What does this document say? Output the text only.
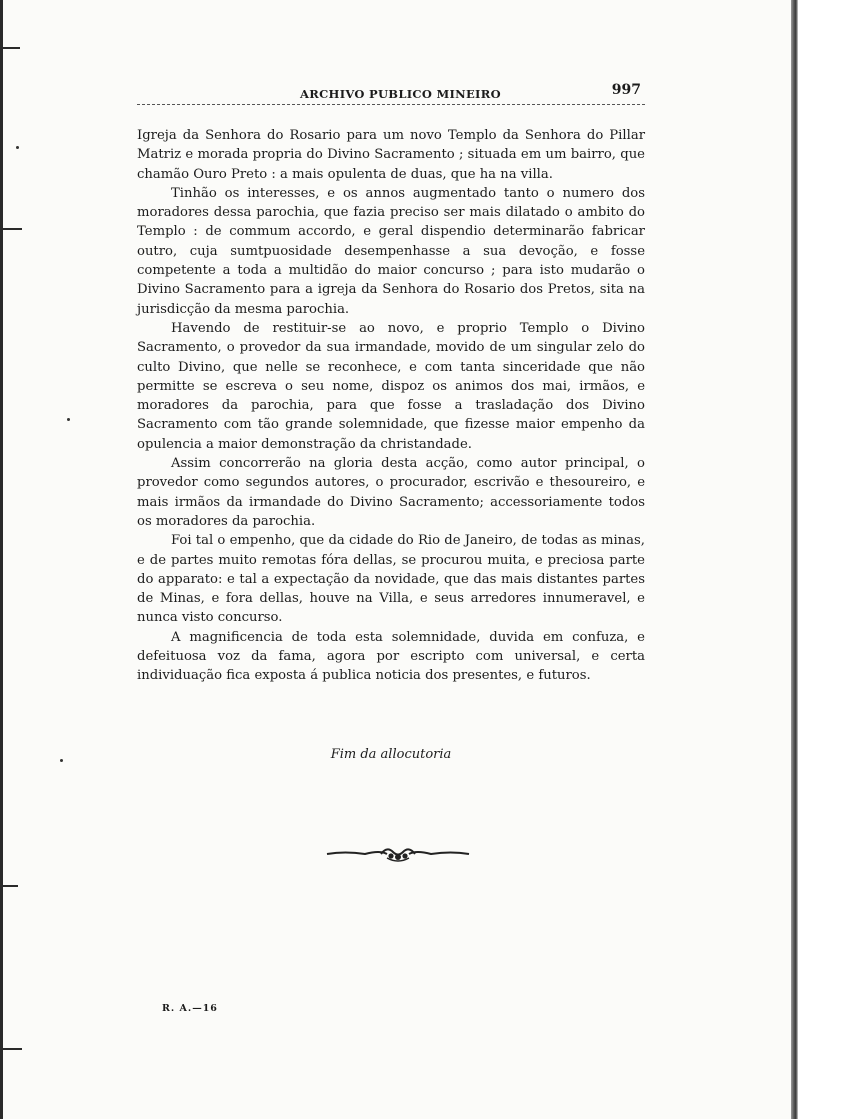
ARCHIVO PUBLICO MINEIRO	997

Igreja da Senhora do Rosario para um novo Templo da Senhora do Pillar Matriz e morada propria do Divino Sacramento ; situada em um bairro, que chamão Ouro Preto : a mais opulenta de duas, que ha na villa.

Tinhão os interesses, e os annos augmentado tanto o numero dos moradores dessa parochia, que fazia preciso ser mais dilatado o ambito do Templo : de commum accordo, e geral dispendio determinarão fabricar outro, cuja sumtpuosidade desempenhasse a sua devoção, e fosse competente a toda a multidão do maior concurso ; para isto mudarão o Divino Sacramento para a igreja da Senhora do Rosario dos Pretos, sita na jurisdicção da mesma parochia.

Havendo de restituir-se ao novo, e proprio Templo o Divino Sacramento, o provedor da sua irmandade, movido de um singular zelo do culto Divino, que nelle se reconhece, e com tanta sinceridade que não permitte se escreva o seu nome, dispoz os animos dos mai, irmãos, e moradores da parochia, para que fosse a trasladação dos Divino Sacramento com tão grande solemnidade, que fizesse maior empenho da opulencia a maior demonstração da christandade.

Assim concorrerão na gloria desta acção, como autor principal, o provedor como segundos autores, o procurador, escrivão e thesoureiro, e mais irmãos da irmandade do Divino Sacramento; accessoriamente todos os moradores da parochia.

Foi tal o empenho, que da cidade do Rio de Janeiro, de todas as minas, e de partes muito remotas fóra dellas, se procurou muita, e preciosa parte do apparato: e tal a expectação da novidade, que das mais distantes partes de Minas, e fora dellas, houve na Villa, e seus arredores innumeravel, e nunca visto concurso.

A magnificencia de toda esta solemnidade, duvida em confuza, e defeituosa voz da fama, agora por escripto com universal, e certa individuação fica exposta á publica noticia dos presentes, e futuros.

Fim da allocutoria
R. A.—16
